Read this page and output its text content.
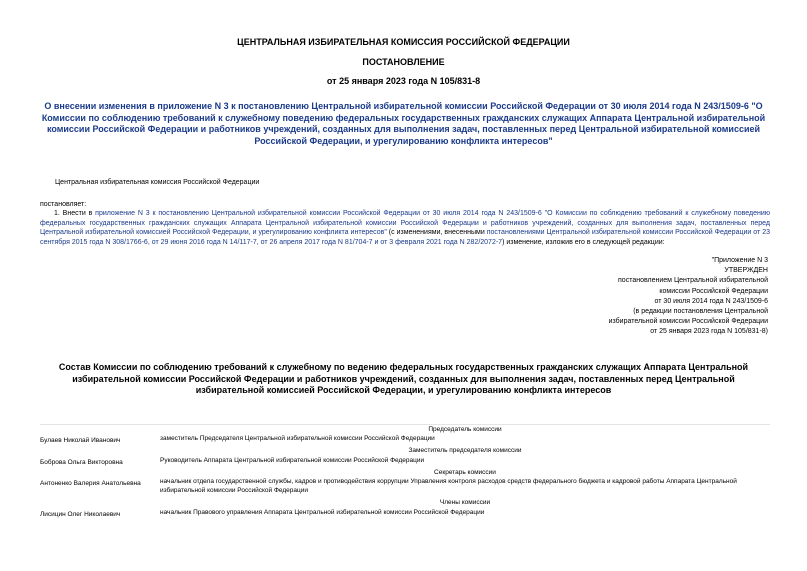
ЦЕНТРАЛЬНАЯ ИЗБИРАТЕЛЬНАЯ КОМИССИЯ РОССИЙСКОЙ ФЕДЕРАЦИИ
ПОСТАНОВЛЕНИЕ
от 25 января 2023 года N 105/831-8
О внесении изменения в приложение N 3 к постановлению Центральной избирательной комиссии Российской Федерации от 30 июля 2014 года N 243/1509-6 "О Комиссии по соблюдению требований к служебному поведению федеральных государственных гражданских служащих Аппарата Центральной избирательной комиссии Российской Федерации и работников учреждений, созданных для выполнения задач, поставленных перед Центральной избирательной комиссией Российской Федерации, и урегулированию конфликта интересов"
Центральная избирательная комиссия Российской Федерации
постановляет:
1. Внести в приложение N 3 к постановлению Центральной избирательной комиссии Российской Федерации от 30 июля 2014 года N 243/1509-6 "О Комиссии по соблюдению требований к служебному поведению федеральных государственных гражданских служащих Аппарата Центральной избирательной комиссии Российской Федерации и работников учреждений, созданных для выполнения задач, поставленных перед Центральной избирательной комиссией Российской Федерации, и урегулированию конфликта интересов" (с изменениями, внесенными постановлениями Центральной избирательной комиссии Российской Федерации от 23 сентября 2015 года N 308/1766-6, от 29 июня 2016 года N 14/117-7, от 26 апреля 2017 года N 81/704-7 и от 3 февраля 2021 года N 282/2072-7) изменение, изложив его в следующей редакции:
"Приложение N 3
УТВЕРЖДЕН
постановлением Центральной избирательной
комиссии Российской Федерации
от 30 июля 2014 года N 243/1509-6
(в редакции постановления Центральной
избирательной комиссии Российской Федерации
от 25 января 2023 года N 105/831-8)
Состав Комиссии по соблюдению требований к служебному по ведению федеральных государственных гражданских служащих Аппарата Центральной избирательной комиссии Российской Федерации и работников учреждений, созданных для выполнения задач, поставленных перед Центральной избирательной комиссией Российской Федерации, и урегулированию конфликта интересов
Председатель комиссии
Булаев Николай Иванович	заместитель Председателя Центральной избирательной комиссии Российской Федерации
Заместитель председателя комиссии
Боброва Ольга Викторовна	Руководитель Аппарата Центральной избирательной комиссии Российской Федерации
Секретарь комиссии
Антоненко Валерия Анатольевна	начальник отдела государственной службы, кадров и противодействия коррупции Управления контроля расходов средств федерального бюджета и кадровой работы Аппарата Центральной избирательной комиссии Российской Федерации
Члены комиссии
Лисицин Олег Николаевич	начальник Правового управления Аппарата Центральной избирательной комиссии Российской Федерации
